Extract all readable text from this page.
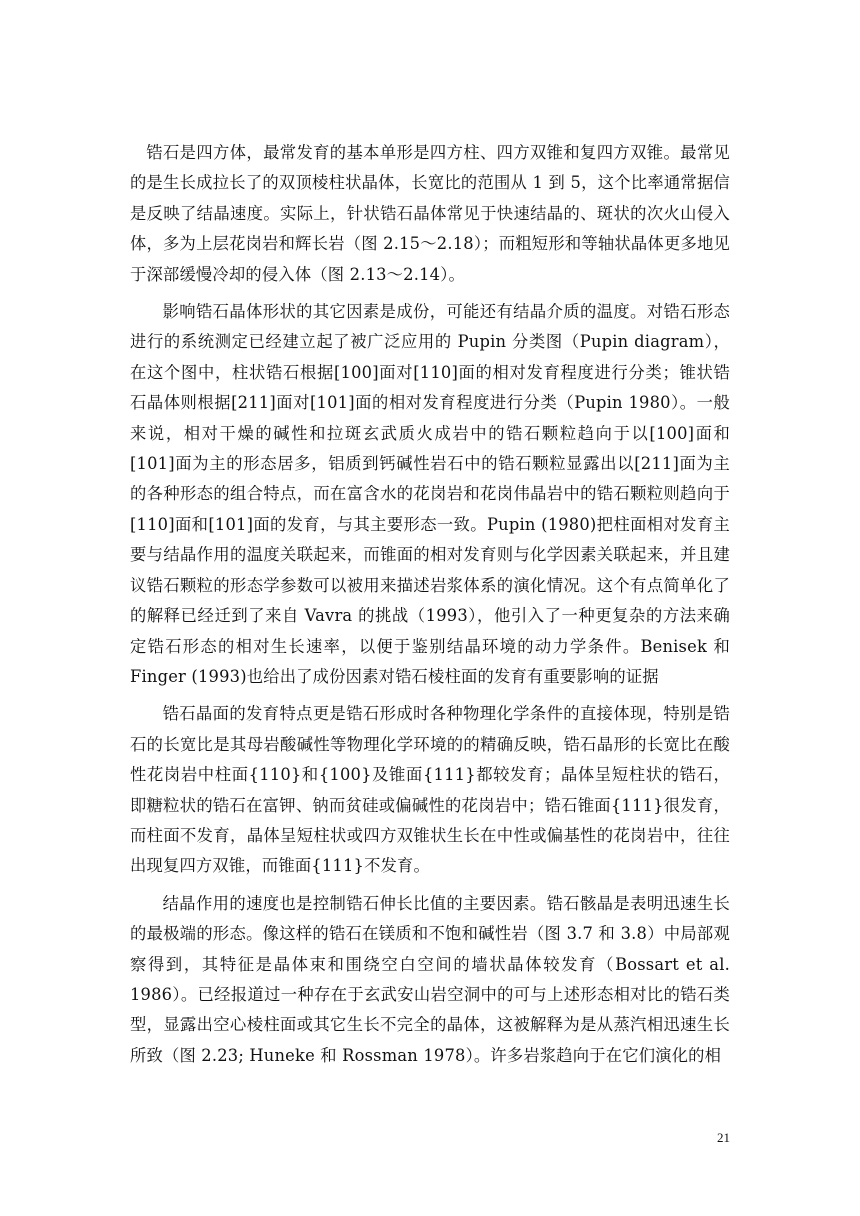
锆石是四方体，最常发育的基本单形是四方柱、四方双锥和复四方双锥。最常见的是生长成拉长了的双顶棱柱状晶体，长宽比的范围从 1 到 5，这个比率通常据信是反映了结晶速度。实际上，针状锆石晶体常见于快速结晶的、斑状的次火山侵入体，多为上层花岗岩和辉长岩（图 2.15～2.18）；而粗短形和等轴状晶体更多地见于深部缓慢冷却的侵入体（图 2.13～2.14）。

影响锆石晶体形状的其它因素是成份，可能还有结晶介质的温度。对锆石形态进行的系统测定已经建立起了被广泛应用的 Pupin 分类图（Pupin diagram），在这个图中，柱状锆石根据[100]面对[110]面的相对发育程度进行分类；锥状锆石晶体则根据[211]面对[101]面的相对发育程度进行分类（Pupin 1980）。一般来说，相对干燥的碱性和拉斑玄武质火成岩中的锆石颗粒趋向于以[100]面和[101]面为主的形态居多，铝质到钙碱性岩石中的锆石颗粒显露出以[211]面为主的各种形态的组合特点，而在富含水的花岗岩和花岗伟晶岩中的锆石颗粒则趋向于[110]面和[101]面的发育，与其主要形态一致。Pupin (1980)把柱面相对发育主要与结晶作用的温度关联起来，而锥面的相对发育则与化学因素关联起来，并且建议锆石颗粒的形态学参数可以被用来描述岩浆体系的演化情况。这个有点简单化了的解释已经迁到了来自 Vavra 的挑战（1993），他引入了一种更复杂的方法来确定锆石形态的相对生长速率，以便于鉴别结晶环境的动力学条件。Benisek 和 Finger (1993)也给出了成份因素对锆石棱柱面的发育有重要影响的证据

锆石晶面的发育特点更是锆石形成时各种物理化学条件的直接体现，特别是锆石的长宽比是其母岩酸碱性等物理化学环境的的精确反映，锆石晶形的长宽比在酸性花岗岩中柱面{110}和{100}及锥面{111}都较发育；晶体呈短柱状的锆石，即糖粒状的锆石在富钾、钠而贫硅或偏碱性的花岗岩中；锆石锥面{111}很发育，而柱面不发育，晶体呈短柱状或四方双锥状生长在中性或偏基性的花岗岩中，往往出现复四方双锥，而锥面{111}不发育。

结晶作用的速度也是控制锆石伸长比值的主要因素。锆石骸晶是表明迅速生长的最极端的形态。像这样的锆石在镁质和不饱和碱性岩（图 3.7 和 3.8）中局部观察得到，其特征是晶体束和围绕空白空间的墙状晶体较发育（Bossart et al. 1986）。已经报道过一种存在于玄武安山岩空洞中的可与上述形态相对比的锆石类型，显露出空心棱柱面或其它生长不完全的晶体，这被解释为是从蒸汽相迅速生长所致（图 2.23; Huneke 和 Rossman 1978）。许多岩浆趋向于在它们演化的相

21
